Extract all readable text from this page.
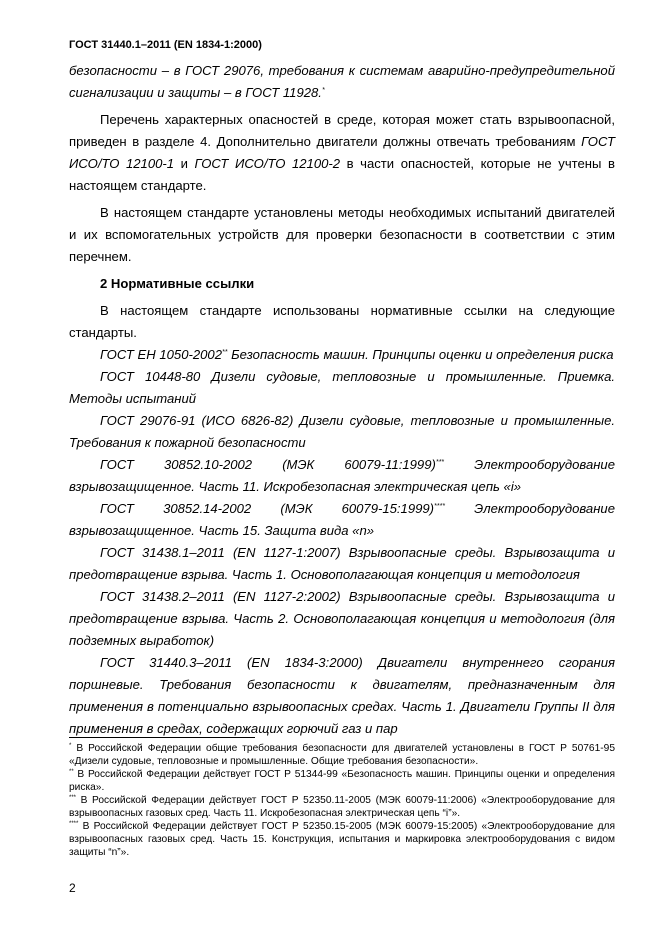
ГОСТ 31440.1–2011 (EN 1834-1:2000)

безопасности – в ГОСТ 29076, требования к системам аварийно-предупредительной сигнализации и защиты – в ГОСТ 11928.*

Перечень характерных опасностей в среде, которая может стать взрывоопасной, приведен в разделе 4. Дополнительно двигатели должны отвечать требованиям ГОСТ ИСО/ТО 12100-1 и ГОСТ ИСО/ТО 12100-2 в части опасностей, которые не учтены в настоящем стандарте.

В настоящем стандарте установлены методы необходимых испытаний двигателей и их вспомогательных устройств для проверки безопасности в соответствии с этим перечнем.

2 Нормативные ссылки

В настоящем стандарте использованы нормативные ссылки на следующие стандарты.

ГОСТ ЕН 1050-2002** Безопасность машин. Принципы оценки и определения риска

ГОСТ 10448-80 Дизели судовые, тепловозные и промышленные. Приемка. Методы испытаний

ГОСТ 29076-91 (ИСО 6826-82) Дизели судовые, тепловозные и промышленные. Требования к пожарной безопасности

ГОСТ 30852.10-2002 (МЭК 60079-11:1999)*** Электрооборудование взрывозащищенное. Часть 11. Искробезопасная электрическая цепь «i»

ГОСТ 30852.14-2002 (МЭК 60079-15:1999)**** Электрооборудование взрывозащищенное. Часть 15. Защита вида «n»

ГОСТ 31438.1–2011 (EN 1127-1:2007) Взрывоопасные среды. Взрывозащита и предотвращение взрыва. Часть 1. Основополагающая концепция и методология

ГОСТ 31438.2–2011 (EN 1127-2:2002) Взрывоопасные среды. Взрывозащита и предотвращение взрыва. Часть 2. Основополагающая концепция и методология (для подземных выработок)

ГОСТ 31440.3–2011 (EN 1834-3:2000) Двигатели внутреннего сгорания поршневые. Требования безопасности к двигателям, предназначенным для применения в потенциально взрывоопасных средах. Часть 1. Двигатели Группы II для применения в средах, содержащих горючий газ и пар

* В Российской Федерации общие требования безопасности для двигателей установлены в ГОСТ Р 50761-95 «Дизели судовые, тепловозные и промышленные. Общие требования безопасности».

** В Российской Федерации действует ГОСТ Р 51344-99 «Безопасность машин. Принципы оценки и определения риска».

*** В Российской Федерации действует ГОСТ Р 52350.11-2005 (МЭК 60079-11:2006) «Электрооборудование для взрывоопасных газовых сред. Часть 11. Искробезопасная электрическая цепь “i”».

**** В Российской Федерации действует ГОСТ Р 52350.15-2005 (МЭК 60079-15:2005) «Электрооборудование для взрывоопасных газовых сред. Часть 15. Конструкция, испытания и маркировка электрооборудования с видом защиты “n”».

2
